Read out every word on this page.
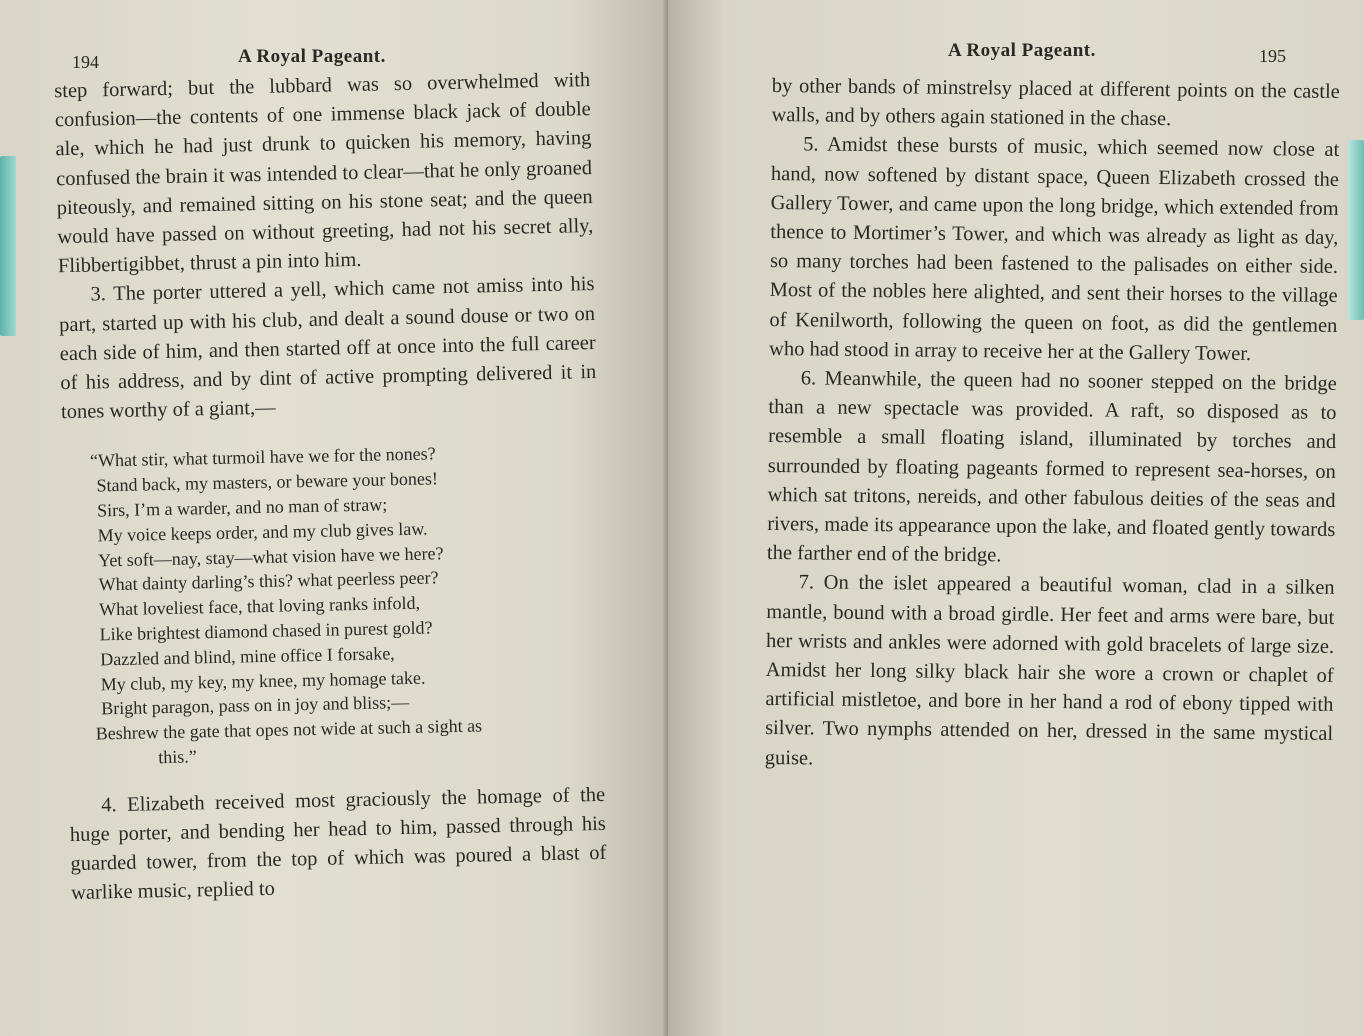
194	A Royal Pageant.

step forward; but the lubbard was so overwhelmed with confusion—the contents of one immense black jack of double ale, which he had just drunk to quicken his memory, having confused the brain it was intended to clear—that he only groaned piteously, and remained sitting on his stone seat; and the queen would have passed on without greeting, had not his secret ally, Flibbertigibbet, thrust a pin into him.

3. The porter uttered a yell, which came not amiss into his part, started up with his club, and dealt a sound douse or two on each side of him, and then started off at once into the full career of his address, and by dint of active prompting delivered it in tones worthy of a giant,—

“What stir, what turmoil have we for the nones?
Stand back, my masters, or beware your bones!
Sirs, I’m a warder, and no man of straw;
My voice keeps order, and my club gives law.
Yet soft—nay, stay—what vision have we here?
What dainty darling’s this? what peerless peer?
What loveliest face, that loving ranks infold,
Like brightest diamond chased in purest gold?
Dazzled and blind, mine office I forsake,
My club, my key, my knee, my homage take.
Bright paragon, pass on in joy and bliss;—
Beshrew the gate that opes not wide at such a sight as
this.”

4. Elizabeth received most graciously the homage of the huge porter, and bending her head to him, passed through his guarded tower, from the top of which was poured a blast of warlike music, replied to

A Royal Pageant.	195

by other bands of minstrelsy placed at different points on the castle walls, and by others again stationed in the chase.

5. Amidst these bursts of music, which seemed now close at hand, now softened by distant space, Queen Elizabeth crossed the Gallery Tower, and came upon the long bridge, which extended from thence to Mortimer’s Tower, and which was already as light as day, so many torches had been fastened to the palisades on either side. Most of the nobles here alighted, and sent their horses to the village of Kenilworth, following the queen on foot, as did the gentlemen who had stood in array to receive her at the Gallery Tower.

6. Meanwhile, the queen had no sooner stepped on the bridge than a new spectacle was provided. A raft, so disposed as to resemble a small floating island, illuminated by torches and surrounded by floating pageants formed to represent sea-horses, on which sat tritons, nereids, and other fabulous deities of the seas and rivers, made its appearance upon the lake, and floated gently towards the farther end of the bridge.

7. On the islet appeared a beautiful woman, clad in a silken mantle, bound with a broad girdle. Her feet and arms were bare, but her wrists and ankles were adorned with gold bracelets of large size. Amidst her long silky black hair she wore a crown or chaplet of artificial mistletoe, and bore in her hand a rod of ebony tipped with silver. Two nymphs attended on her, dressed in the same mystical guise.
